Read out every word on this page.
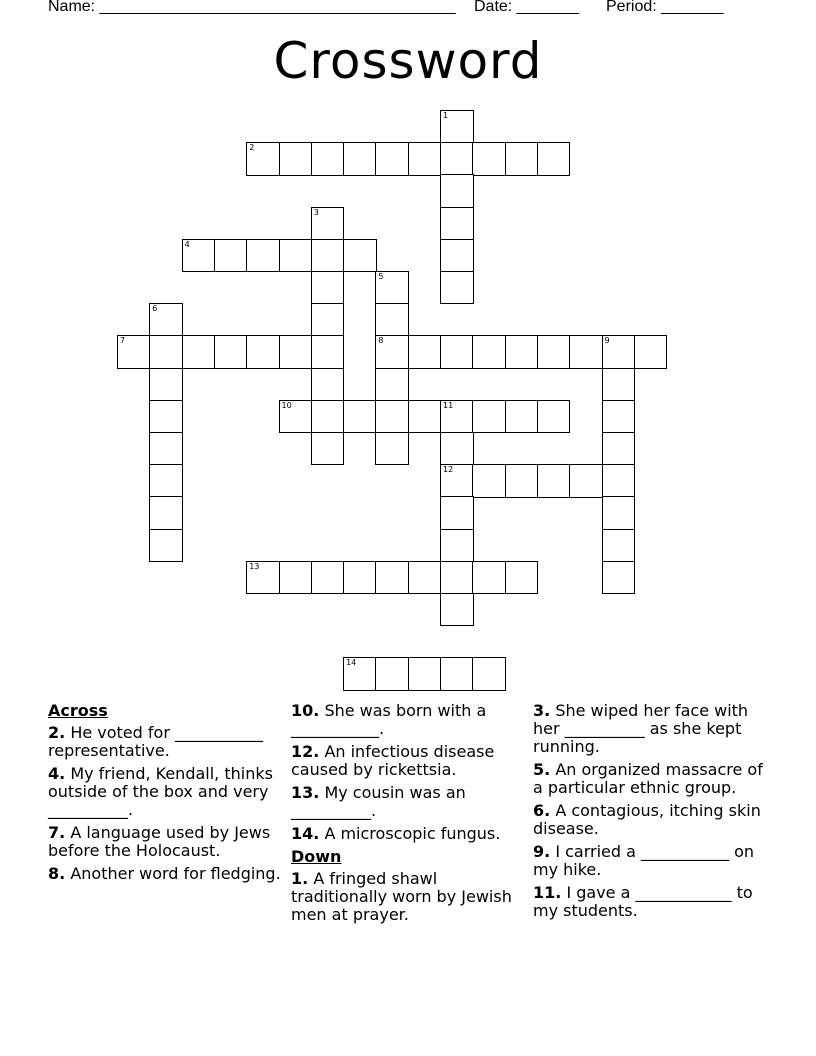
Name: ________________________________________ Date: _______ Period: _______
Crossword
1
2
3
4
5
6
7	8	9
10	11
12
13
14
Across
2. He voted for ___________ representative.
4. My friend, Kendall, thinks outside of the box and very __________.
7. A language used by Jews before the Holocaust.
8. Another word for fledging.
10. She was born with a ___________.
12. An infectious disease caused by rickettsia.
13. My cousin was an __________.
14. A microscopic fungus.
Down
1. A fringed shawl traditionally worn by Jewish men at prayer.
3. She wiped her face with her __________ as she kept running.
5. An organized massacre of a particular ethnic group.
6. A contagious, itching skin disease.
9. I carried a ___________ on my hike.
11. I gave a ____________ to my students.
